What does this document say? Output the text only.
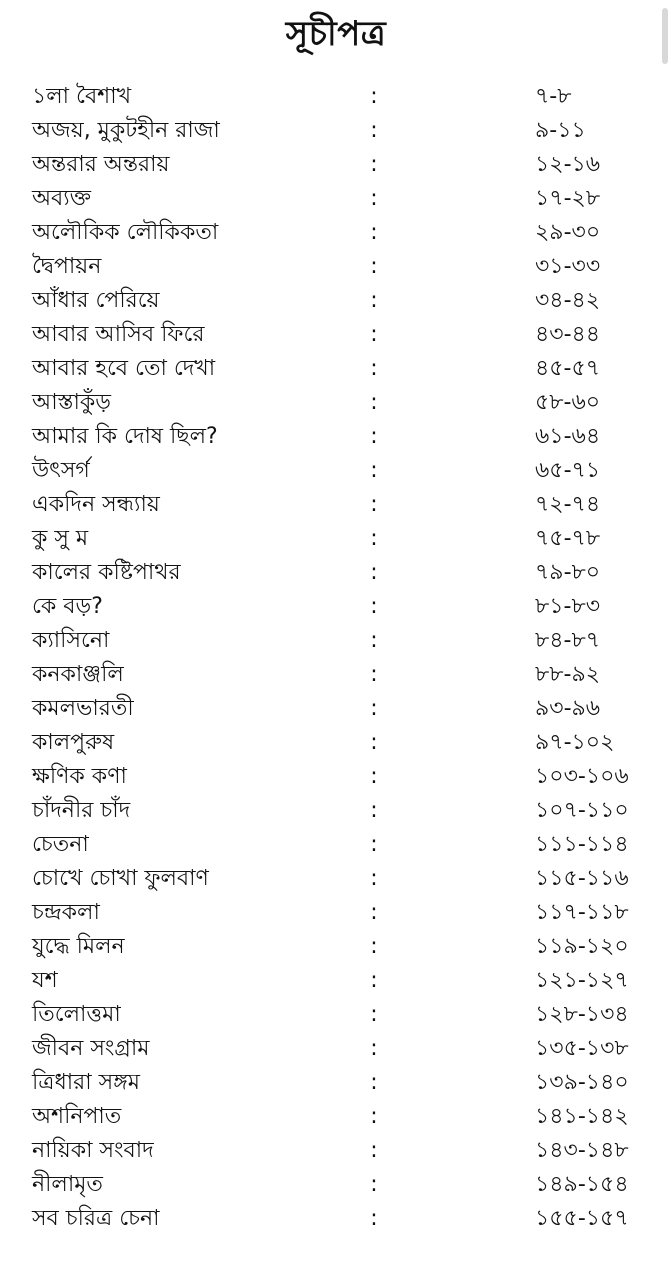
সূচীপত্র
১লা বৈশাখ	:	৭-৮
অজয়, মুকুটহীন রাজা	:	৯-১১
অন্তরার অন্তরায়	:	১২-১৬
অব্যক্ত	:	১৭-২৮
অলৌকিক লৌকিকতা	:	২৯-৩০
দ্বৈপায়ন	:	৩১-৩৩
আঁধার পেরিয়ে	:	৩৪-৪২
আবার আসিব ফিরে	:	৪৩-৪৪
আবার হবে তো দেখা	:	৪৫-৫৭
আস্তাকুঁড়	:	৫৮-৬০
আমার কি দোষ ছিল?	:	৬১-৬৪
উৎসর্গ	:	৬৫-৭১
একদিন সন্ধ্যায়	:	৭২-৭৪
কু সু ম	:	৭৫-৭৮
কালের কষ্টিপাথর	:	৭৯-৮০
কে বড়?	:	৮১-৮৩
ক্যাসিনো	:	৮৪-৮৭
কনকাঞ্জলি	:	৮৮-৯২
কমলভারতী	:	৯৩-৯৬
কালপুরুষ	:	৯৭-১০২
ক্ষণিক কণা	:	১০৩-১০৬
চাঁদনীর চাঁদ	:	১০৭-১১০
চেতনা	:	১১১-১১৪
চোখে চোখা ফুলবাণ	:	১১৫-১১৬
চন্দ্রকলা	:	১১৭-১১৮
যুদ্ধে মিলন	:	১১৯-১২০
যশ	:	১২১-১২৭
তিলোত্তমা	:	১২৮-১৩৪
জীবন সংগ্রাম	:	১৩৫-১৩৮
ত্রিধারা সঙ্গম	:	১৩৯-১৪০
অশনিপাত	:	১৪১-১৪২
নায়িকা সংবাদ	:	১৪৩-১৪৮
নীলামৃত	:	১৪৯-১৫৪
সব চরিত্র চেনা	:	১৫৫-১৫৭
